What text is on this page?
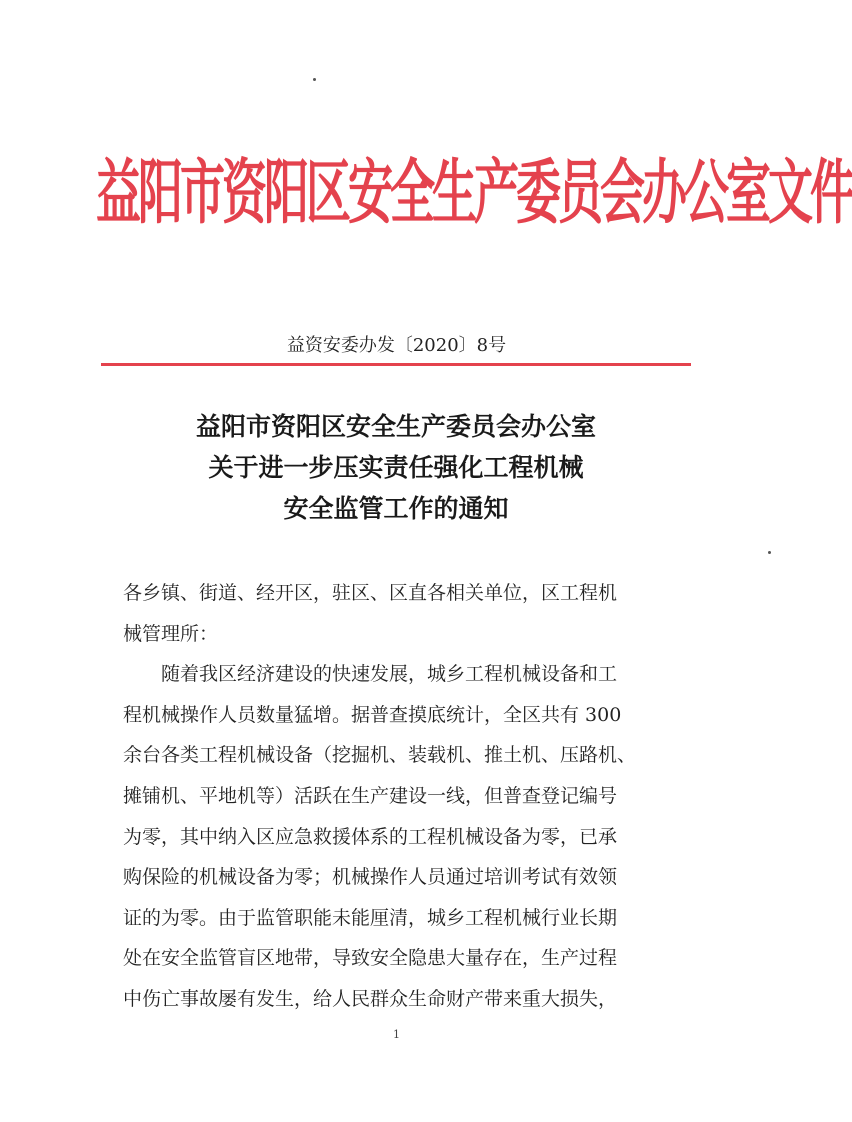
益阳市资阳区安全生产委员会办公室文件
益资安委办发〔2020〕8号
益阳市资阳区安全生产委员会办公室
关于进一步压实责任强化工程机械
安全监管工作的通知
各乡镇、街道、经开区，驻区、区直各相关单位，区工程机
械管理所：
随着我区经济建设的快速发展，城乡工程机械设备和工
程机械操作人员数量猛增。据普查摸底统计，全区共有 300
余台各类工程机械设备（挖掘机、装载机、推土机、压路机、
摊铺机、平地机等）活跃在生产建设一线，但普查登记编号
为零，其中纳入区应急救援体系的工程机械设备为零，已承
购保险的机械设备为零；机械操作人员通过培训考试有效领
证的为零。由于监管职能未能厘清，城乡工程机械行业长期
处在安全监管盲区地带，导致安全隐患大量存在，生产过程
中伤亡事故屡有发生，给人民群众生命财产带来重大损失，
1
